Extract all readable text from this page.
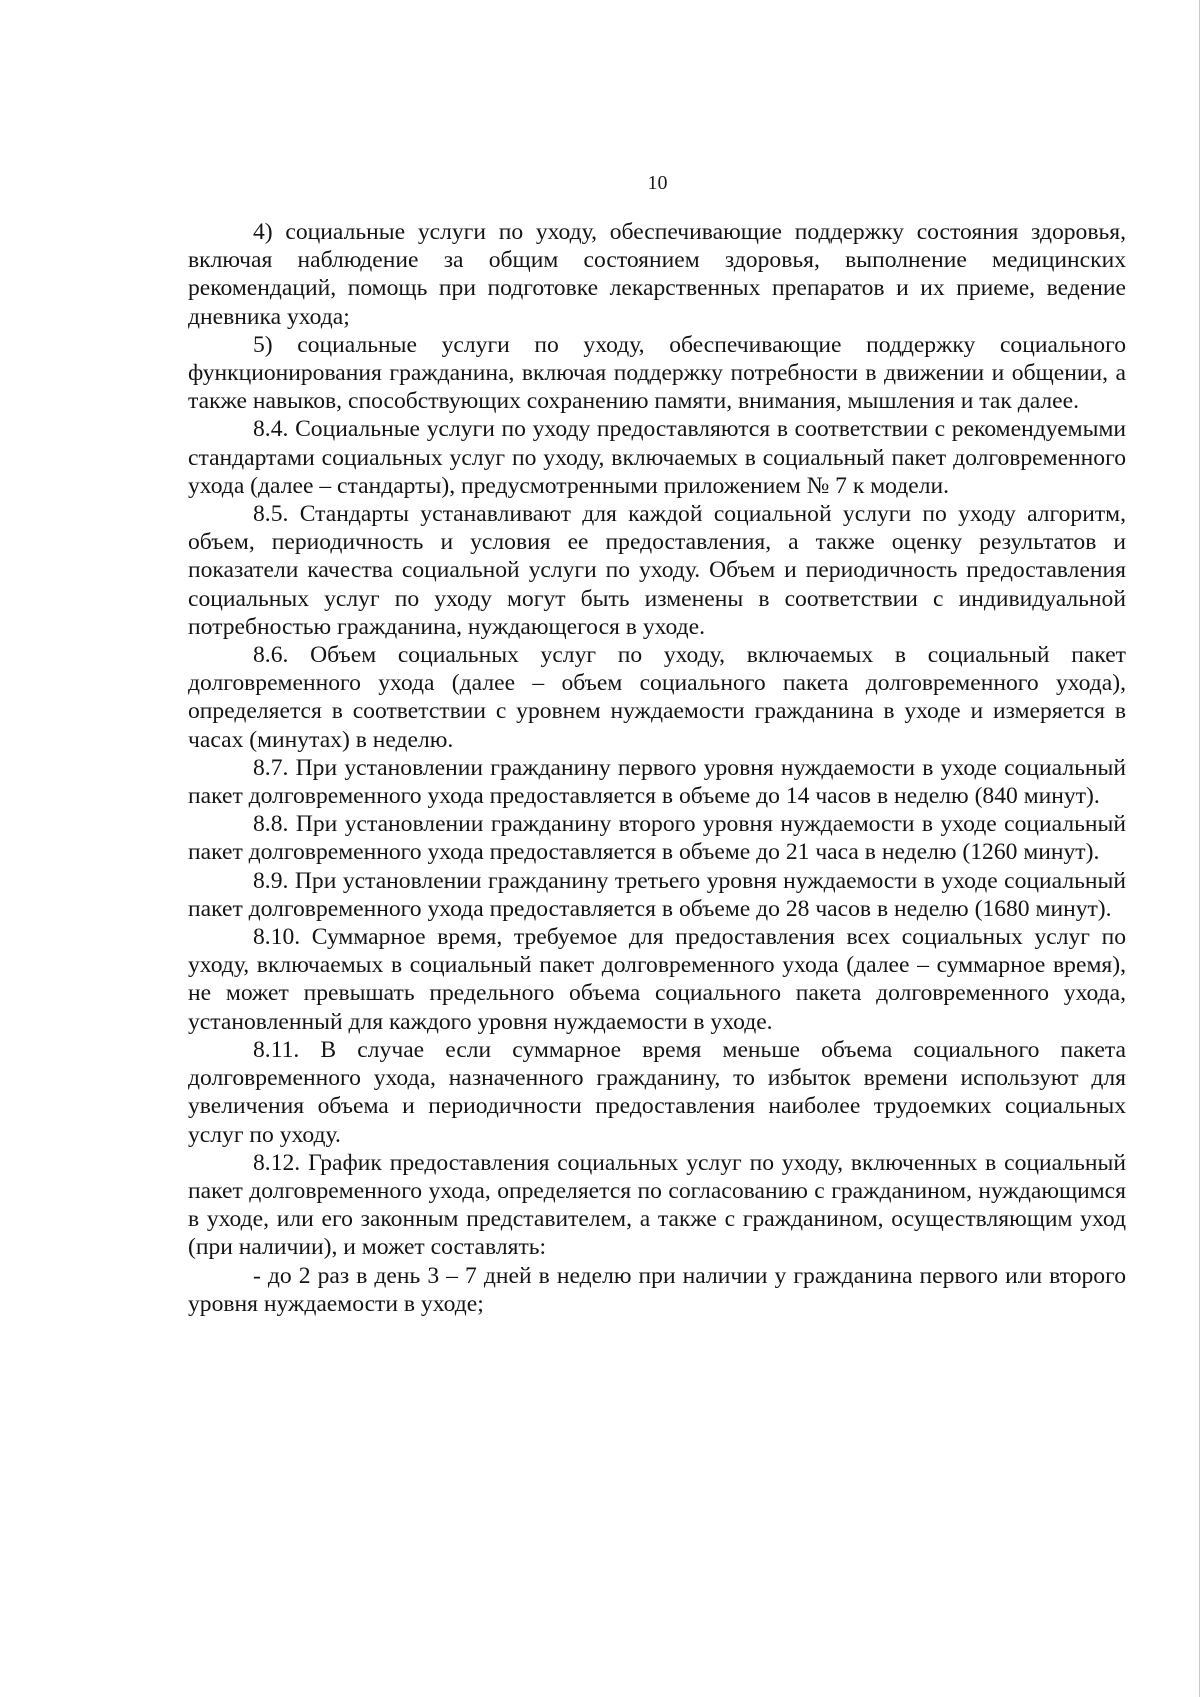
10

4) социальные услуги по уходу, обеспечивающие поддержку состояния здоровья, включая наблюдение за общим состоянием здоровья, выполнение медицинских рекомендаций, помощь при подготовке лекарственных препаратов и их приеме, ведение дневника ухода;

5) социальные услуги по уходу, обеспечивающие поддержку социального функционирования гражданина, включая поддержку потребности в движении и общении, а также навыков, способствующих сохранению памяти, внимания, мышления и так далее.

8.4. Социальные услуги по уходу предоставляются в соответствии с рекомендуемыми стандартами социальных услуг по уходу, включаемых в социальный пакет долговременного ухода (далее – стандарты), предусмотренными приложением № 7 к модели.

8.5. Стандарты устанавливают для каждой социальной услуги по уходу алгоритм, объем, периодичность и условия ее предоставления, а также оценку результатов и показатели качества социальной услуги по уходу. Объем и периодичность предоставления социальных услуг по уходу могут быть изменены в соответствии с индивидуальной потребностью гражданина, нуждающегося в уходе.

8.6. Объем социальных услуг по уходу, включаемых в социальный пакет долговременного ухода (далее – объем социального пакета долговременного ухода), определяется в соответствии с уровнем нуждаемости гражданина в уходе и измеряется в часах (минутах) в неделю.

8.7. При установлении гражданину первого уровня нуждаемости в уходе социальный пакет долговременного ухода предоставляется в объеме до 14 часов в неделю (840 минут).

8.8. При установлении гражданину второго уровня нуждаемости в уходе социальный пакет долговременного ухода предоставляется в объеме до 21 часа в неделю (1260 минут).

8.9. При установлении гражданину третьего уровня нуждаемости в уходе социальный пакет долговременного ухода предоставляется в объеме до 28 часов в неделю (1680 минут).

8.10. Суммарное время, требуемое для предоставления всех социальных услуг по уходу, включаемых в социальный пакет долговременного ухода (далее – суммарное время), не может превышать предельного объема социального пакета долговременного ухода, установленный для каждого уровня нуждаемости в уходе.

8.11. В случае если суммарное время меньше объема социального пакета долговременного ухода, назначенного гражданину, то избыток времени используют для увеличения объема и периодичности предоставления наиболее трудоемких социальных услуг по уходу.

8.12. График предоставления социальных услуг по уходу, включенных в социальный пакет долговременного ухода, определяется по согласованию с гражданином, нуждающимся в уходе, или его законным представителем, а также с гражданином, осуществляющим уход (при наличии), и может составлять:

- до 2 раз в день 3 – 7 дней в неделю при наличии у гражданина первого или второго уровня нуждаемости в уходе;
